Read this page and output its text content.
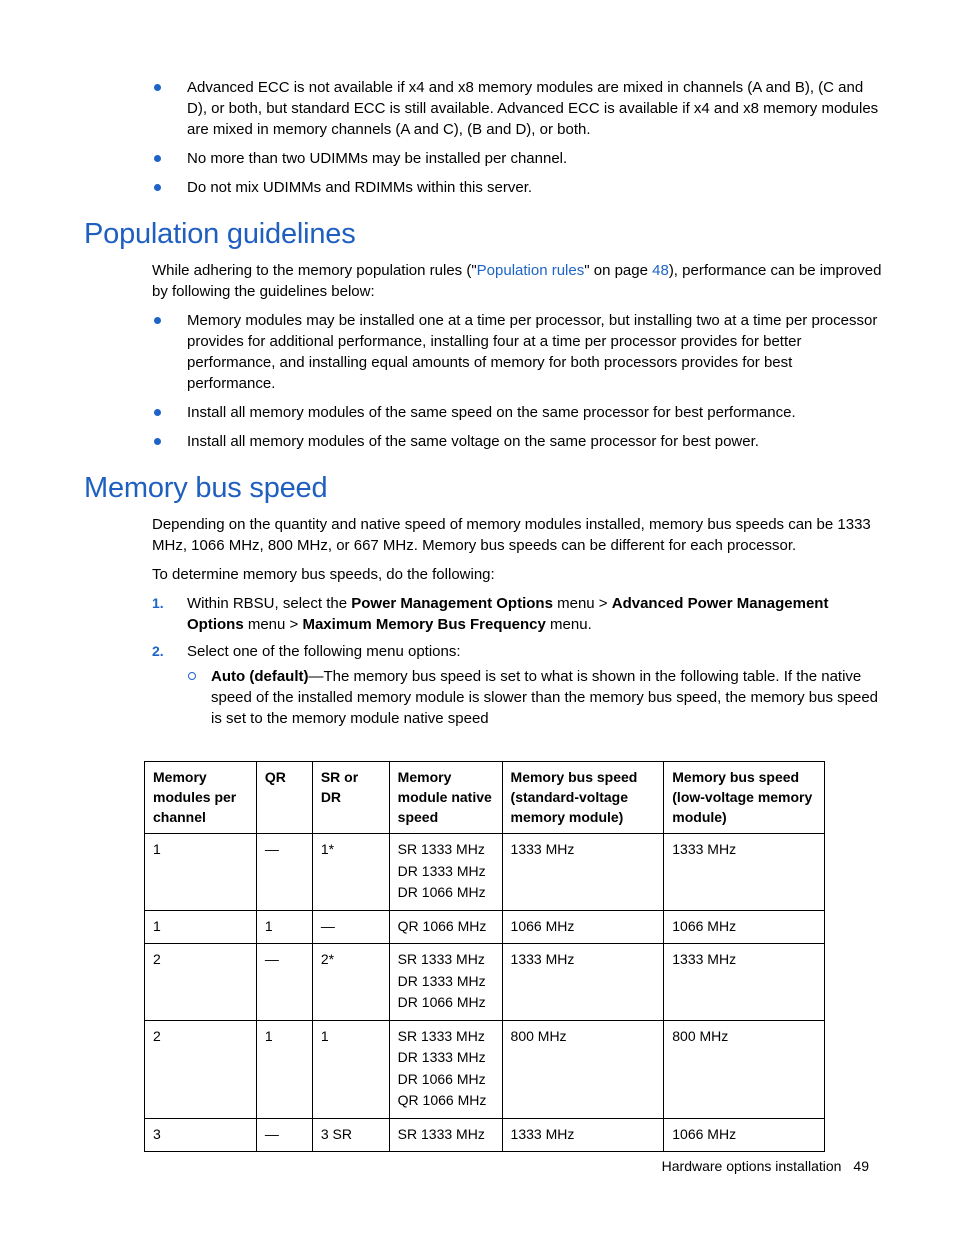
Advanced ECC is not available if x4 and x8 memory modules are mixed in channels (A and B), (C and D), or both, but standard ECC is still available. Advanced ECC is available if x4 and x8 memory modules are mixed in memory channels (A and C), (B and D), or both.
No more than two UDIMMs may be installed per channel.
Do not mix UDIMMs and RDIMMs within this server.
Population guidelines

While adhering to the memory population rules ("Population rules" on page 48), performance can be improved by following the guidelines below:

Memory modules may be installed one at a time per processor, but installing two at a time per processor provides for additional performance, installing four at a time per processor provides for better performance, and installing equal amounts of memory for both processors provides for best performance.
Install all memory modules of the same speed on the same processor for best performance.
Install all memory modules of the same voltage on the same processor for best power.
Memory bus speed

Depending on the quantity and native speed of memory modules installed, memory bus speeds can be 1333 MHz, 1066 MHz, 800 MHz, or 667 MHz. Memory bus speeds can be different for each processor.

To determine memory bus speeds, do the following:

1. Within RBSU, select the Power Management Options menu > Advanced Power Management Options menu > Maximum Memory Bus Frequency menu.
2. Select one of the following menu options:
Auto (default)—The memory bus speed is set to what is shown in the following table. If the native speed of the installed memory module is slower than the memory bus speed, the memory bus speed is set to the memory module native speed
Memory modules per channel	QR	SR or DR	Memory module native speed	Memory bus speed (standard-voltage memory module)	Memory bus speed (low-voltage memory module)
1	—	1*	SR 1333 MHz
DR 1333 MHz
DR 1066 MHz	1333 MHz	1333 MHz
1	1	—	QR 1066 MHz	1066 MHz	1066 MHz
2	—	2*	SR 1333 MHz
DR 1333 MHz
DR 1066 MHz	1333 MHz	1333 MHz
2	1	1	SR 1333 MHz
DR 1333 MHz
DR 1066 MHz
QR 1066 MHz	800 MHz	800 MHz
3	—	3 SR	SR 1333 MHz	1333 MHz	1066 MHz
Hardware options installation 49
